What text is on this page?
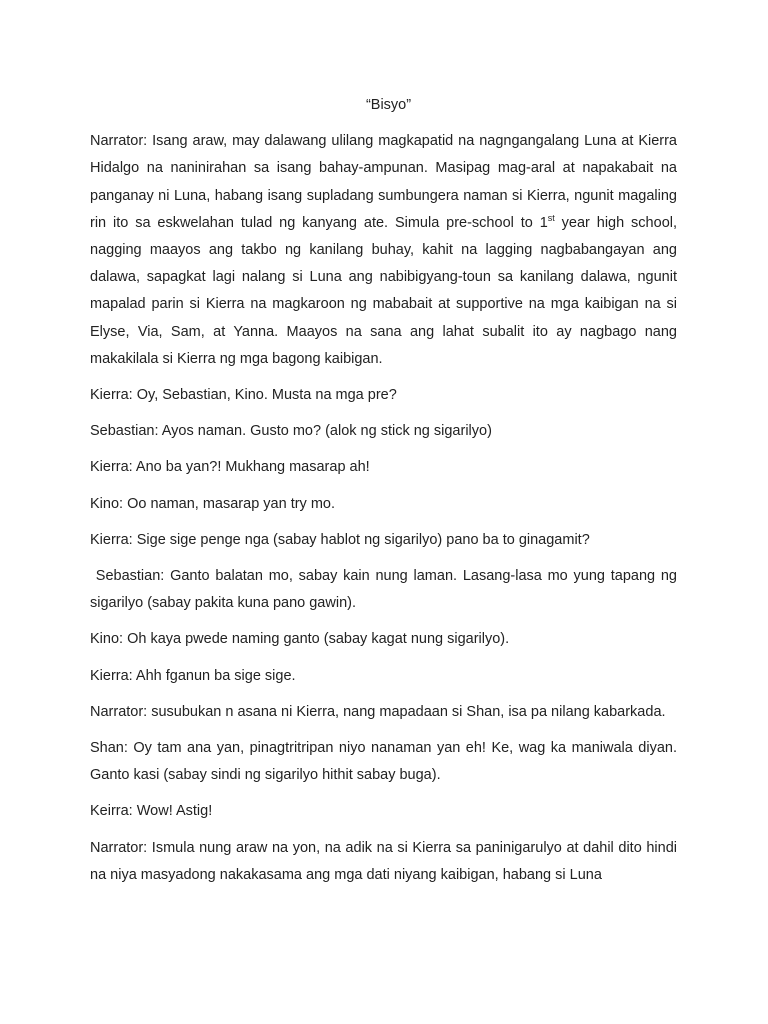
“Bisyo”
Narrator: Isang araw, may dalawang ulilang magkapatid na nagngangalang Luna at Kierra Hidalgo na naninirahan sa isang bahay-ampunan. Masipag mag-aral at napakabait na panganay ni Luna, habang isang supladang sumbungera naman si Kierra, ngunit magaling rin ito sa eskwelahan tulad ng kanyang ate. Simula pre-school to 1st year high school, nagging maayos ang takbo ng kanilang buhay, kahit na lagging nagbabangayan ang dalawa, sapagkat lagi nalang si Luna ang nabibigyang-toun sa kanilang dalawa, ngunit mapalad parin si Kierra na magkaroon ng mababait at supportive na mga kaibigan na si Elyse, Via, Sam, at Yanna. Maayos na sana ang lahat subalit ito ay nagbago nang makakilala si Kierra ng mga bagong kaibigan.
Kierra: Oy, Sebastian, Kino. Musta na mga pre?
Sebastian: Ayos naman. Gusto mo? (alok ng stick ng sigarilyo)
Kierra: Ano ba yan?! Mukhang masarap ah!
Kino: Oo naman, masarap yan try mo.
Kierra: Sige sige penge nga (sabay hablot ng sigarilyo) pano ba to ginagamit?
Sebastian: Ganto balatan mo, sabay kain nung laman. Lasang-lasa mo yung tapang ng sigarilyo (sabay pakita kuna pano gawin).
Kino: Oh kaya pwede naming ganto (sabay kagat nung sigarilyo).
Kierra: Ahh fganun ba sige sige.
Narrator: susubukan n asana ni Kierra, nang mapadaan si Shan, isa pa nilang kabarkada.
Shan: Oy tam ana yan, pinagtritripan niyo nanaman yan eh! Ke, wag ka maniwala diyan. Ganto kasi (sabay sindi ng sigarilyo hithit sabay buga).
Keirra: Wow! Astig!
Narrator: Ismula nung araw na yon, na adik na si Kierra sa paninigarulyo at dahil dito hindi na niya masyadong nakakasama ang mga dati niyang kaibigan, habang si Luna
